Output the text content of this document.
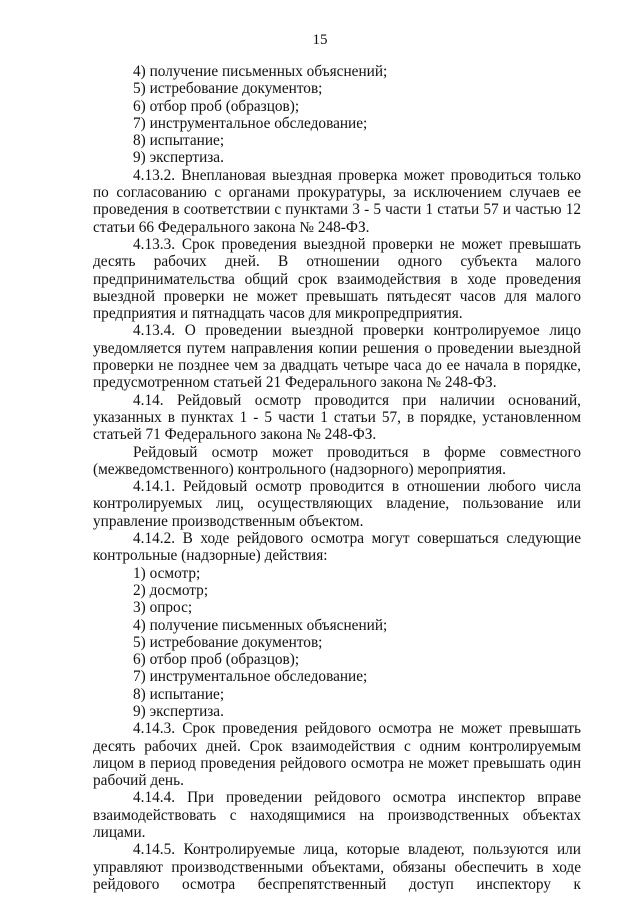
15

4) получение письменных объяснений;

5) истребование документов;

6) отбор проб (образцов);

7) инструментальное обследование;

8) испытание;

9) экспертиза.

4.13.2. Внеплановая выездная проверка может проводиться только по согласованию с органами прокуратуры, за исключением случаев ее проведения в соответствии с пунктами 3 - 5 части 1 статьи 57 и частью 12 статьи 66 Федерального закона № 248-ФЗ.

4.13.3. Срок проведения выездной проверки не может превышать десять рабочих дней. В отношении одного субъекта малого предпринимательства общий срок взаимодействия в ходе проведения выездной проверки не может превышать пятьдесят часов для малого предприятия и пятнадцать часов для микропредприятия.

4.13.4. О проведении выездной проверки контролируемое лицо уведомляется путем направления копии решения о проведении выездной проверки не позднее чем за двадцать четыре часа до ее начала в порядке, предусмотренном статьей 21 Федерального закона № 248-ФЗ.

4.14. Рейдовый осмотр проводится при наличии оснований, указанных в пунктах 1 - 5 части 1 статьи 57, в порядке, установленном статьей 71 Федерального закона № 248-ФЗ.

Рейдовый осмотр может проводиться в форме совместного (межведомственного) контрольного (надзорного) мероприятия.

4.14.1. Рейдовый осмотр проводится в отношении любого числа контролируемых лиц, осуществляющих владение, пользование или управление производственным объектом.

4.14.2. В ходе рейдового осмотра могут совершаться следующие контрольные (надзорные) действия:

1) осмотр;

2) досмотр;

3) опрос;

4) получение письменных объяснений;

5) истребование документов;

6) отбор проб (образцов);

7) инструментальное обследование;

8) испытание;

9) экспертиза.

4.14.3. Срок проведения рейдового осмотра не может превышать десять рабочих дней. Срок взаимодействия с одним контролируемым лицом в период проведения рейдового осмотра не может превышать один рабочий день.

4.14.4. При проведении рейдового осмотра инспектор вправе взаимодействовать с находящимися на производственных объектах лицами.

4.14.5. Контролируемые лица, которые владеют, пользуются или управляют производственными объектами, обязаны обеспечить в ходе рейдового осмотра беспрепятственный доступ инспектору к
